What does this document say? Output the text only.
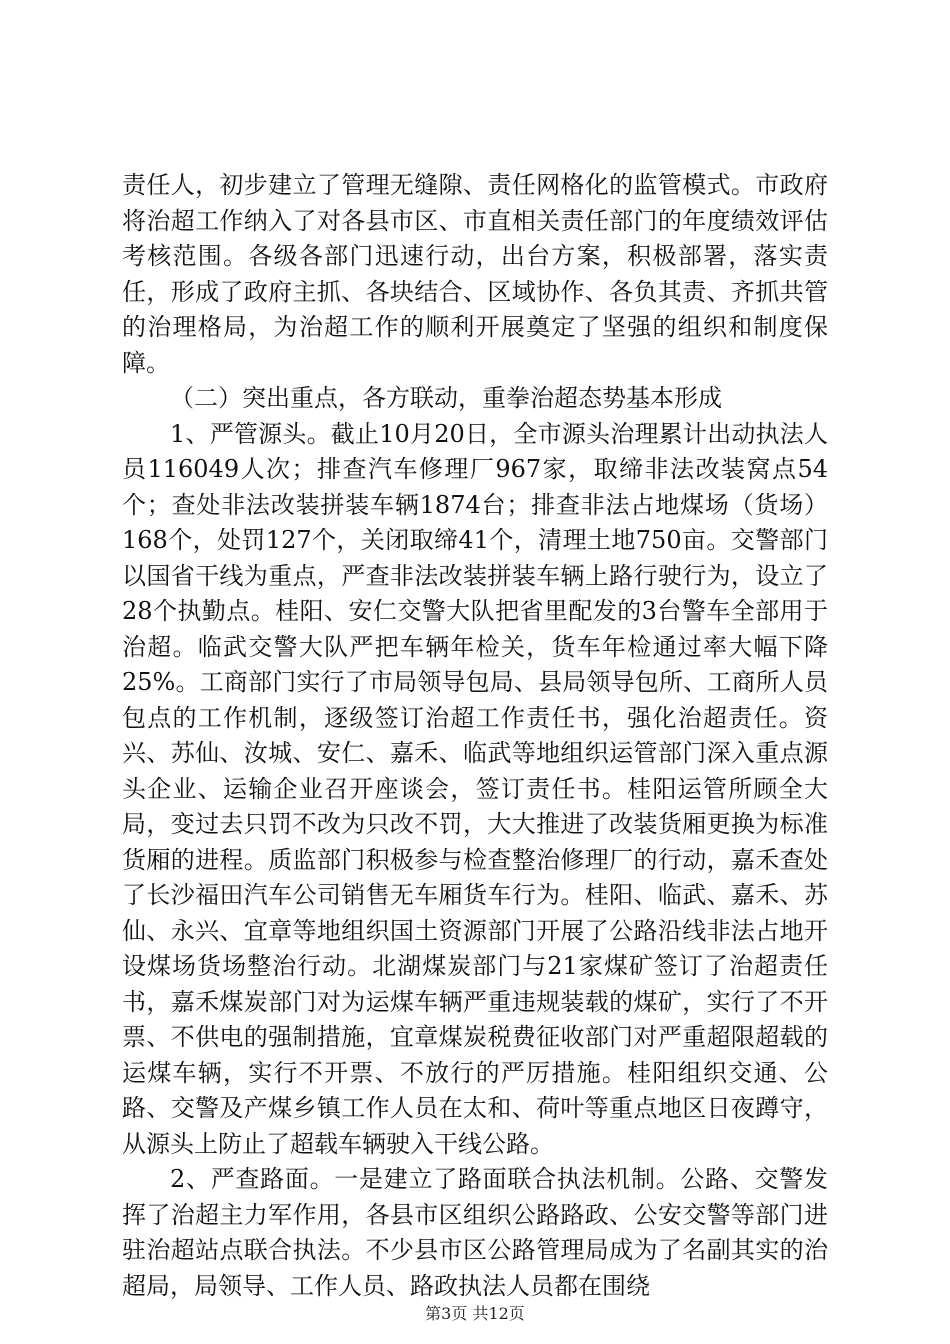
责任人，初步建立了管理无缝隙、责任网格化的监管模式。市政府将治超工作纳入了对各县市区、市直相关责任部门的年度绩效评估考核范围。各级各部门迅速行动，出台方案，积极部署，落实责任，形成了政府主抓、各块结合、区域协作、各负其责、齐抓共管的治理格局，为治超工作的顺利开展奠定了坚强的组织和制度保障。

（二）突出重点，各方联动，重拳治超态势基本形成

1、严管源头。截止10月20日，全市源头治理累计出动执法人员116049人次；排查汽车修理厂967家，取缔非法改装窝点54个；查处非法改装拼装车辆1874台；排查非法占地煤场（货场）168个，处罚127个，关闭取缔41个，清理土地750亩。交警部门以国省干线为重点，严查非法改装拼装车辆上路行驶行为，设立了28个执勤点。桂阳、安仁交警大队把省里配发的3台警车全部用于治超。临武交警大队严把车辆年检关，货车年检通过率大幅下降25%。工商部门实行了市局领导包局、县局领导包所、工商所人员包点的工作机制，逐级签订治超工作责任书，强化治超责任。资兴、苏仙、汝城、安仁、嘉禾、临武等地组织运管部门深入重点源头企业、运输企业召开座谈会，签订责任书。桂阳运管所顾全大局，变过去只罚不改为只改不罚，大大推进了改装货厢更换为标准货厢的进程。质监部门积极参与检查整治修理厂的行动，嘉禾查处了长沙福田汽车公司销售无车厢货车行为。桂阳、临武、嘉禾、苏仙、永兴、宜章等地组织国土资源部门开展了公路沿线非法占地开设煤场货场整治行动。北湖煤炭部门与21家煤矿签订了治超责任书，嘉禾煤炭部门对为运煤车辆严重违规装载的煤矿，实行了不开票、不供电的强制措施，宜章煤炭税费征收部门对严重超限超载的运煤车辆，实行不开票、不放行的严厉措施。桂阳组织交通、公路、交警及产煤乡镇工作人员在太和、荷叶等重点地区日夜蹲守，从源头上防止了超载车辆驶入干线公路。

2、严查路面。一是建立了路面联合执法机制。公路、交警发挥了治超主力军作用，各县市区组织公路路政、公安交警等部门进驻治超站点联合执法。不少县市区公路管理局成为了名副其实的治超局，局领导、工作人员、路政执法人员都在围绕

第3页 共12页
